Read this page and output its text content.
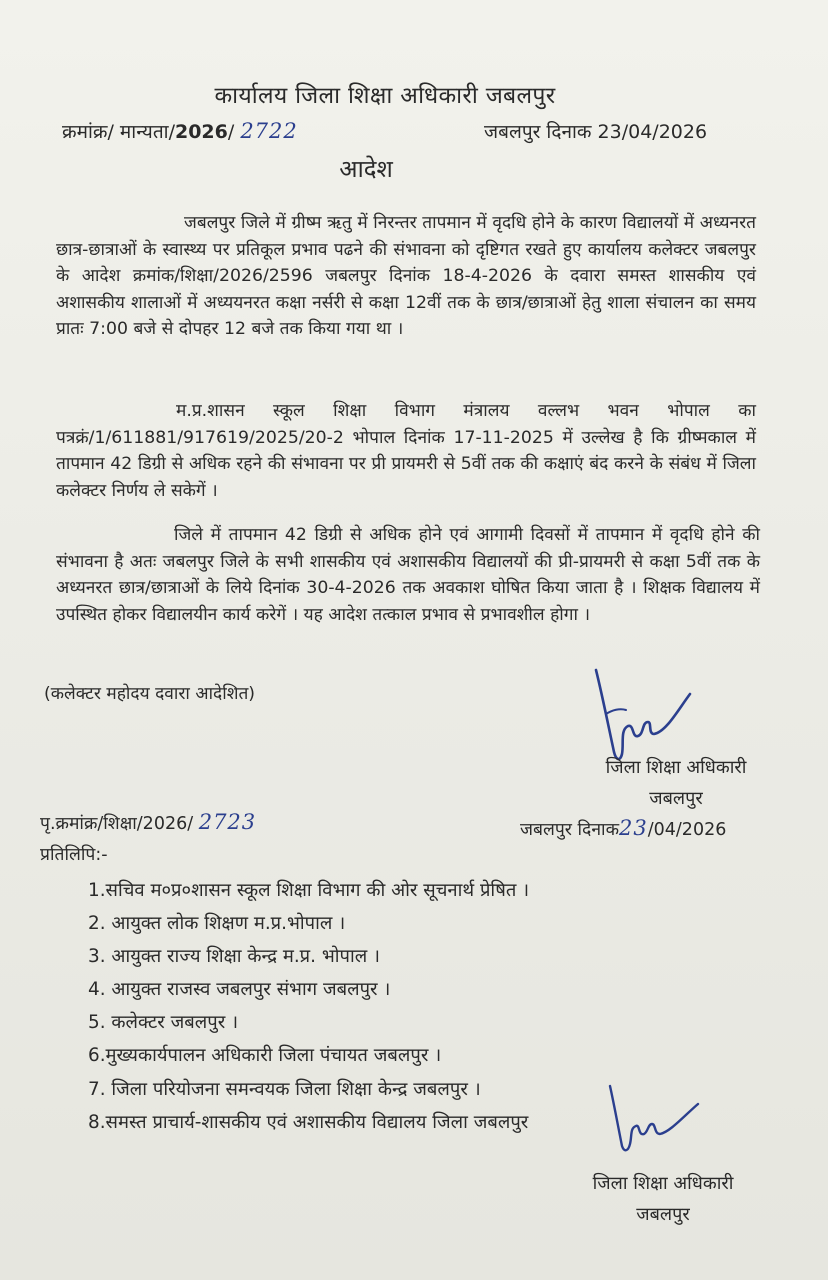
कार्यालय जिला शिक्षा अधिकारी जबलपुर
क्रमांक्र/ मान्यता/2026/ 2722	जबलपुर दिनाक 23/04/2026
आदेश
जबलपुर जिले में ग्रीष्म ऋतु में निरन्तर तापमान में वृदधि होने के कारण विद्यालयों में अध्यनरत छात्र-छात्राओं के स्वास्थ्य पर प्रतिकूल प्रभाव पढने की संभावना को दृष्टिगत रखते हुए कार्यालय कलेक्टर जबलपुर के आदेश क्रमांक/शिक्षा/2026/2596 जबलपुर दिनांक 18-4-2026 के दवारा समस्त शासकीय एवं अशासकीय शालाओं में अध्ययनरत कक्षा नर्सरी से कक्षा 12वीं तक के छात्र/छात्राओं हेतु शाला संचालन का समय प्रातः 7:00 बजे से दोपहर 12 बजे तक किया गया था ।
म.प्र.शासन स्कूल शिक्षा विभाग मंत्रालय वल्लभ भवन भोपाल का पत्रक्रं/1/611881/917619/2025/20-2 भोपाल दिनांक 17-11-2025 में उल्लेख है कि ग्रीष्मकाल में तापमान 42 डिग्री से अधिक रहने की संभावना पर प्री प्रायमरी से 5वीं तक की कक्षाएं बंद करने के संबंध में जिला कलेक्टर निर्णय ले सकेगें ।
जिले में तापमान 42 डिग्री से अधिक होने एवं आगामी दिवसों में तापमान में वृदधि होने की संभावना है अतः जबलपुर जिले के सभी शासकीय एवं अशासकीय विद्यालयों की प्री-प्रायमरी से कक्षा 5वीं तक के अध्यनरत छात्र/छात्राओं के लिये दिनांक 30-4-2026 तक अवकाश घोषित किया जाता है । शिक्षक विद्यालय में उपस्थित होकर विद्यालयीन कार्य करेगें । यह आदेश तत्काल प्रभाव से प्रभावशील होगा ।
(कलेक्टर महोदय दवारा आदेशित)
जिला शिक्षा अधिकारी
जबलपुर
पृ.क्रमांक्र/शिक्षा/2026/ 2723	जबलपुर दिनाक23/04/2026
प्रतिलिपि:-
1.सचिव म०प्र०शासन स्कूल शिक्षा विभाग की ओर सूचनार्थ प्रेषित ।
2. आयुक्त लोक शिक्षण म.प्र.भोपाल ।
3. आयुक्त राज्य शिक्षा केन्द्र म.प्र. भोपाल ।
4. आयुक्त राजस्व जबलपुर संभाग जबलपुर ।
5. कलेक्टर जबलपुर ।
6.मुख्यकार्यपालन अधिकारी जिला पंचायत जबलपुर ।
7. जिला परियोजना समन्वयक जिला शिक्षा केन्द्र जबलपुर ।
8.समस्त प्राचार्य-शासकीय एवं अशासकीय विद्यालय जिला जबलपुर
जिला शिक्षा अधिकारी
जबलपुर
